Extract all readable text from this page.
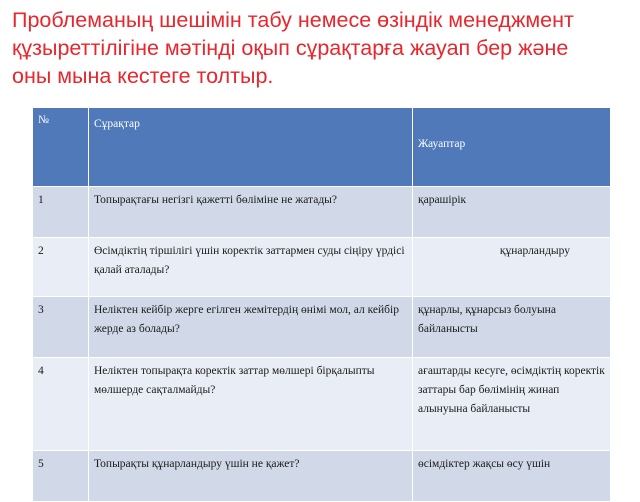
Проблеманың шешімін табу немесе өзіндік менеджмент
құзыреттілігіне мәтінді оқып сұрақтарға жауап бер және
оны мына кестеге толтыр.
№	Сұрақтар	Жауаптар
1	Топырақтағы негізгі қажетті бөлімінe не жатады?	қарашірік
2	Өсімдіктің тіршілігі үшін коректік заттармен суды сіңіру үрдісі қалай аталады?	құнарландыру
3	Неліктен кейбір жерге егілген жемітердің өнімі мол, ал кейбір жерде аз болады?	құнарлы, құнарсыз болуына байланысты
4	Неліктен топырақта коректік заттар мөлшері бірқалыпты мөлшерде сақталмайды?	ағаштарды кесуге, өсімдіктің коректік заттары бар бөлімінің жинап алынуына байланысты
5	Топырақты құнарландыру үшін не қажет?	өсімдіктер жақсы өсу үшін
